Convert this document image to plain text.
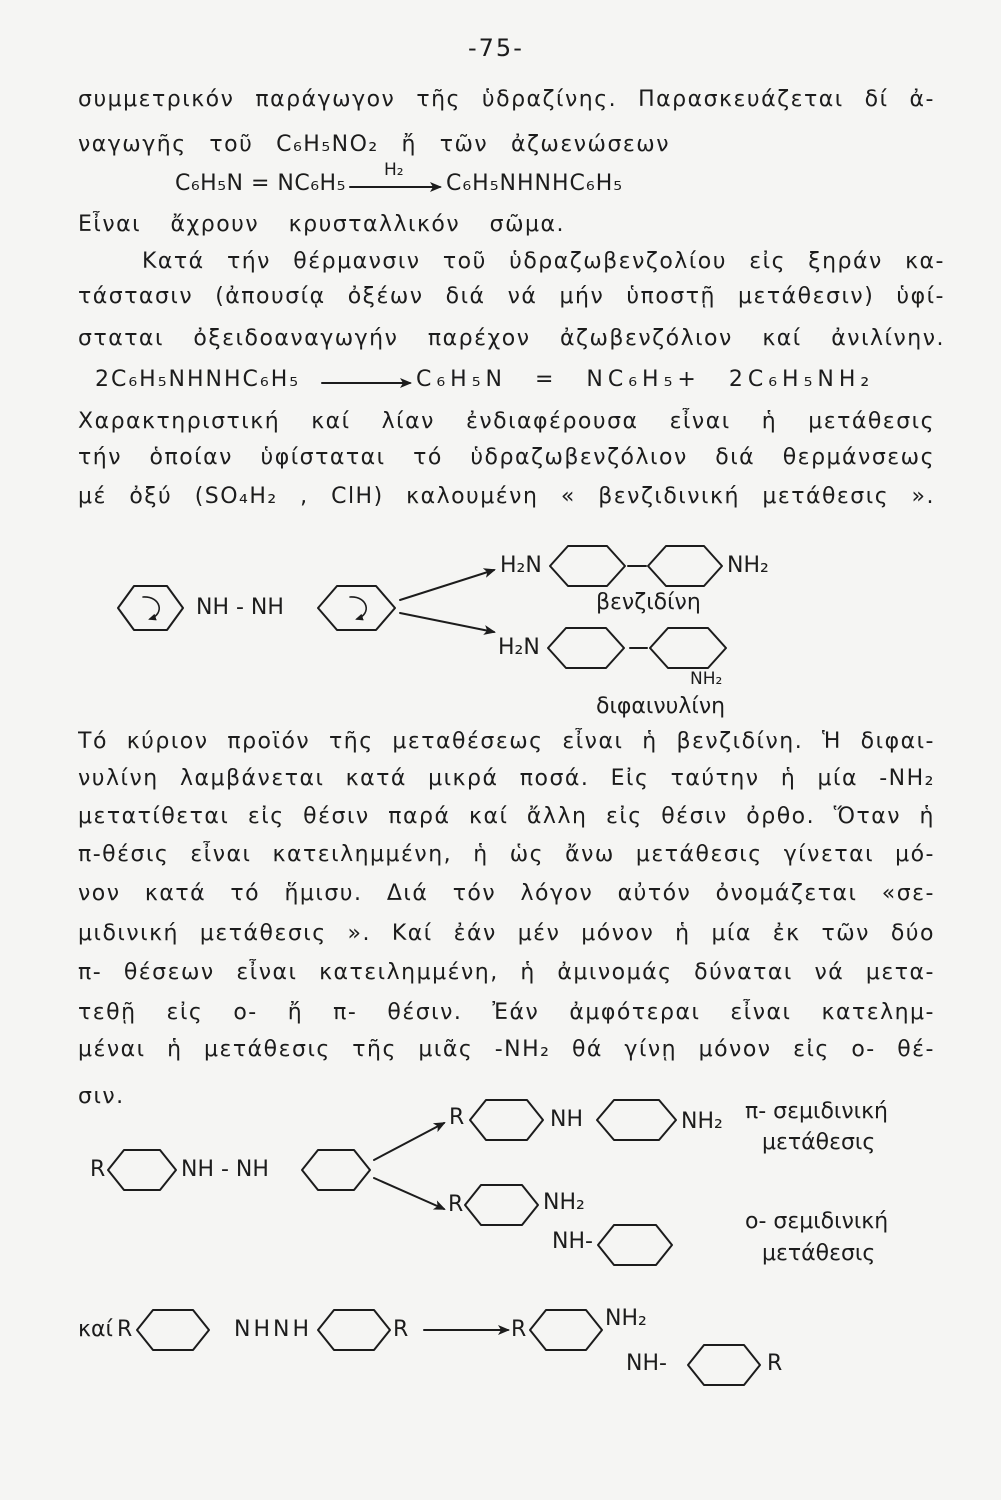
-75-
συμμετρικόν παράγωγον τῆς ὑδραζίνης. Παρασκευάζεται δί ἀ-
ναγωγῆς τοῦ C₆H₅NO₂ ἤ τῶν ἀζωενώσεων
C₆H₅N = NC₆H₅
H₂
C₆H₅NHNHC₆H₅
Εἶναι ἄχρουν κρυσταλλικόν σῶμα.
Κατά τήν θέρμανσιν τοῦ ὑδραζωβενζολίου εἰς ξηράν κα-
τάστασιν (ἀπουσίᾳ ὀξέων διά νά μήν ὑποστῇ μετάθεσιν) ὑφί-
σταται ὀξειδοαναγωγήν παρέχον ἀζωβενζόλιον καί ἀνιλίνην.
2C₆H₅NHNHC₆H₅	C₆H₅N = NC₆H₅+ 2C₆H₅NH₂
Χαρακτηριστική καί λίαν ἐνδιαφέρουσα εἶναι ἡ μετάθεσις
τήν ὁποίαν ὑφίσταται τό ὑδραζωβενζόλιον διά θερμάνσεως
μέ ὀξύ (SO₄H₂ , ClH) καλουμένη « βενζιδινική μετάθεσις ».
NH - NH
H₂N	NH₂
βενζιδίνη
H₂N
NH₂
διφαινυλίνη
Τό κύριον προϊόν τῆς μεταθέσεως εἶναι ἡ βενζιδίνη. Ἡ διφαι-
νυλίνη λαμβάνεται κατά μικρά ποσά. Εἰς ταύτην ἡ μία -NH₂
μετατίθεται εἰς θέσιν παρά καί ἄλλη εἰς θέσιν ὀρθο. Ὅταν ἡ
π-θέσις εἶναι κατειλημμένη, ἡ ὡς ἄνω μετάθεσις γίνεται μό-
νον κατά τό ἥμισυ. Διά τόν λόγον αὐτόν ὀνομάζεται «σε-
μιδινική μετάθεσις ». Καί ἐάν μέν μόνον ἡ μία ἐκ τῶν δύο
π- θέσεων εἶναι κατειλημμένη, ἡ ἀμινομάς δύναται νά μετα-
τεθῇ εἰς ο- ἤ π- θέσιν. Ἐάν ἀμφότεραι εἶναι κατελημ-
μέναι ἡ μετάθεσις τῆς μιᾶς -NH₂ θά γίνῃ μόνον εἰς ο- θέ-
σιν.
R	NH - NH
R	NH	NH₂ π- σεμιδινική
μετάθεσις
R	NH₂
NH-
ο- σεμιδινική
μετάθεσις
καί R	NHNH	R	R	NH₂
NH-	R
